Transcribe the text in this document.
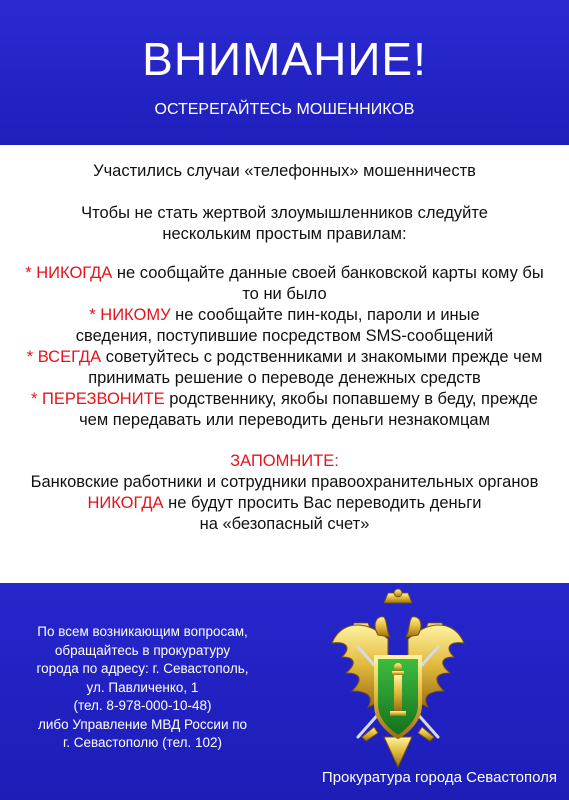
ВНИМАНИЕ!
ОСТЕРЕГАЙТЕСЬ МОШЕННИКОВ

Участились случаи «телефонных» мошенничеств

Чтобы не стать жертвой злоумышленников следуйте

нескольким простым правилам:

* НИКОГДА не сообщайте данные своей банковской карты кому бы

то ни было

* НИКОМУ не сообщайте пин-коды, пароли и иные

сведения, поступившие посредством SMS-сообщений

* ВСЕГДА советуйтесь с родственниками и знакомыми прежде чем

принимать решение о переводе денежных средств

* ПЕРЕЗВОНИТЕ родственнику, якобы попавшему в беду, прежде

чем передавать или переводить деньги незнакомцам

ЗАПОМНИТЕ:

Банковские работники и сотрудники правоохранительных органов

НИКОГДА не будут просить Вас переводить деньги

на «безопасный счет»

По всем возникающим вопросам,
обращайтесь в прокуратуру
города по адресу: г. Севастополь,
ул. Павличенко, 1
(тел. 8-978-000-10-48)
либо Управление МВД России по
г. Севастополю (тел. 102)
Прокуратура города Севастополя
